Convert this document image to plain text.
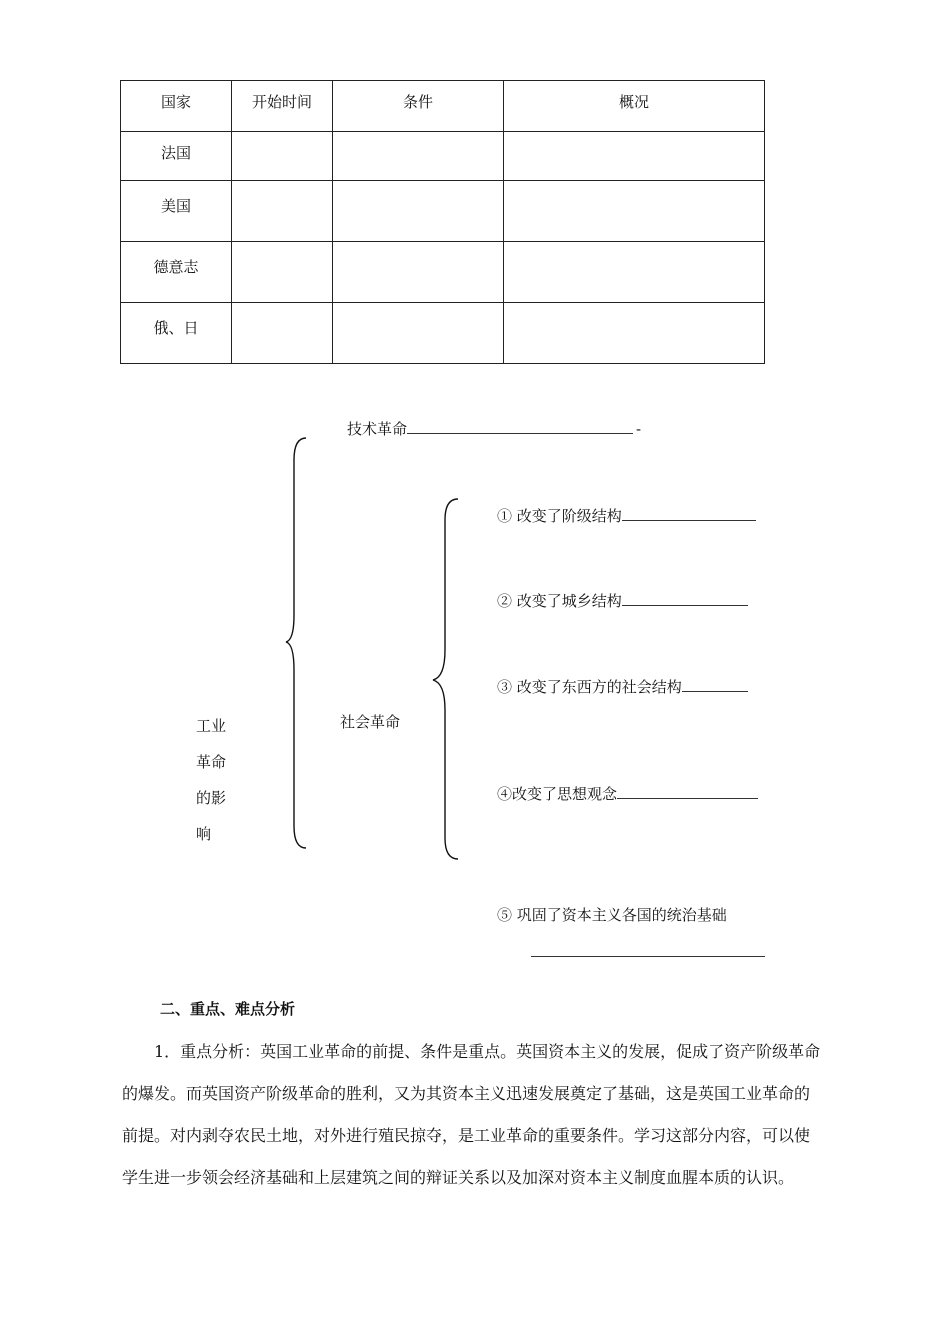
国家	开始时间	条件	概况
法国			
美国			
德意志			
俄、日			
工业
革命
的影
响
技术革命	-
社会革命
① 改变了阶级结构
② 改变了城乡结构
③ 改变了东西方的社会结构
④改变了思想观念
⑤ 巩固了资本主义各国的统治基础
二、重点、难点分析

1．重点分析：英国工业革命的前提、条件是重点。英国资本主义的发展，促成了资产阶级革命的爆发。而英国资产阶级革命的胜利，又为其资本主义迅速发展奠定了基础，这是英国工业革命的前提。对内剥夺农民土地，对外进行殖民掠夺，是工业革命的重要条件。学习这部分内容，可以使学生进一步领会经济基础和上层建筑之间的辩证关系以及加深对资本主义制度血腥本质的认识。
